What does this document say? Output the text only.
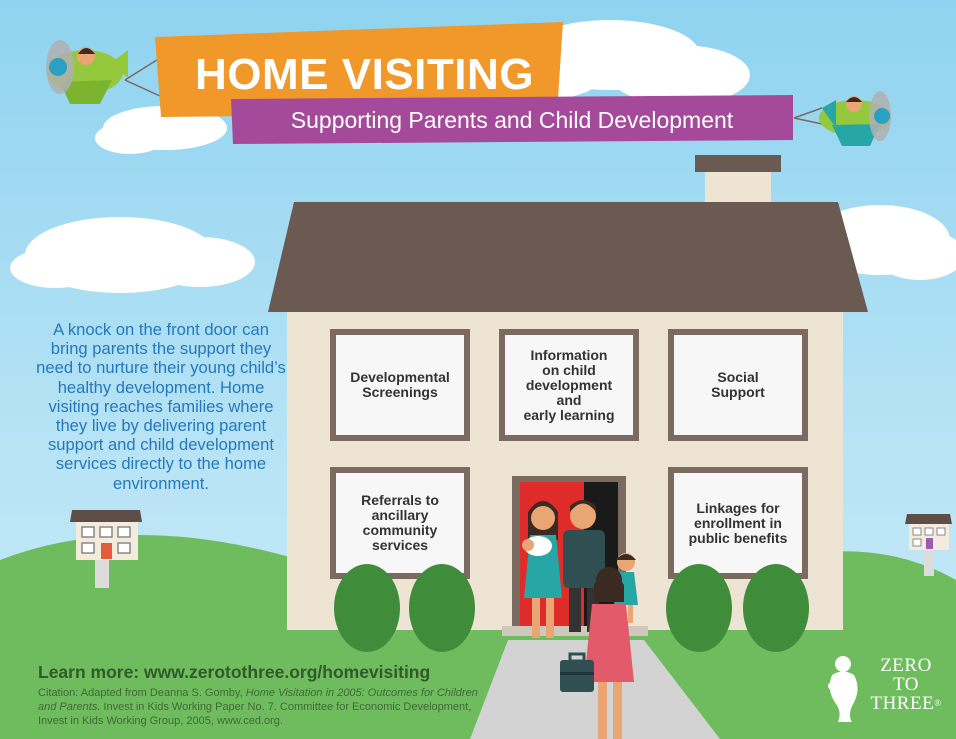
HOME VISITING
Supporting Parents and Child Development
A knock on the front door can bring parents the support they need to nurture their young child’s healthy development. Home visiting reaches families where they live by delivering parent support and child development services directly to the home environment.
Developmental
Screenings
Information
on child
development
and
early learning
Social
Support
Referrals to
ancillary
community
services
Linkages for
enrollment in
public benefits
Learn more: www.zerotothree.org/homevisiting
Citation: Adapted from Deanna S. Gomby, Home Visitation in 2005: Outcomes for Children and Parents. Invest in Kids Working Paper No. 7. Committee for Economic Development, Invest in Kids Working Group, 2005, www.ced.org.
ZERO
TO
THREE®
